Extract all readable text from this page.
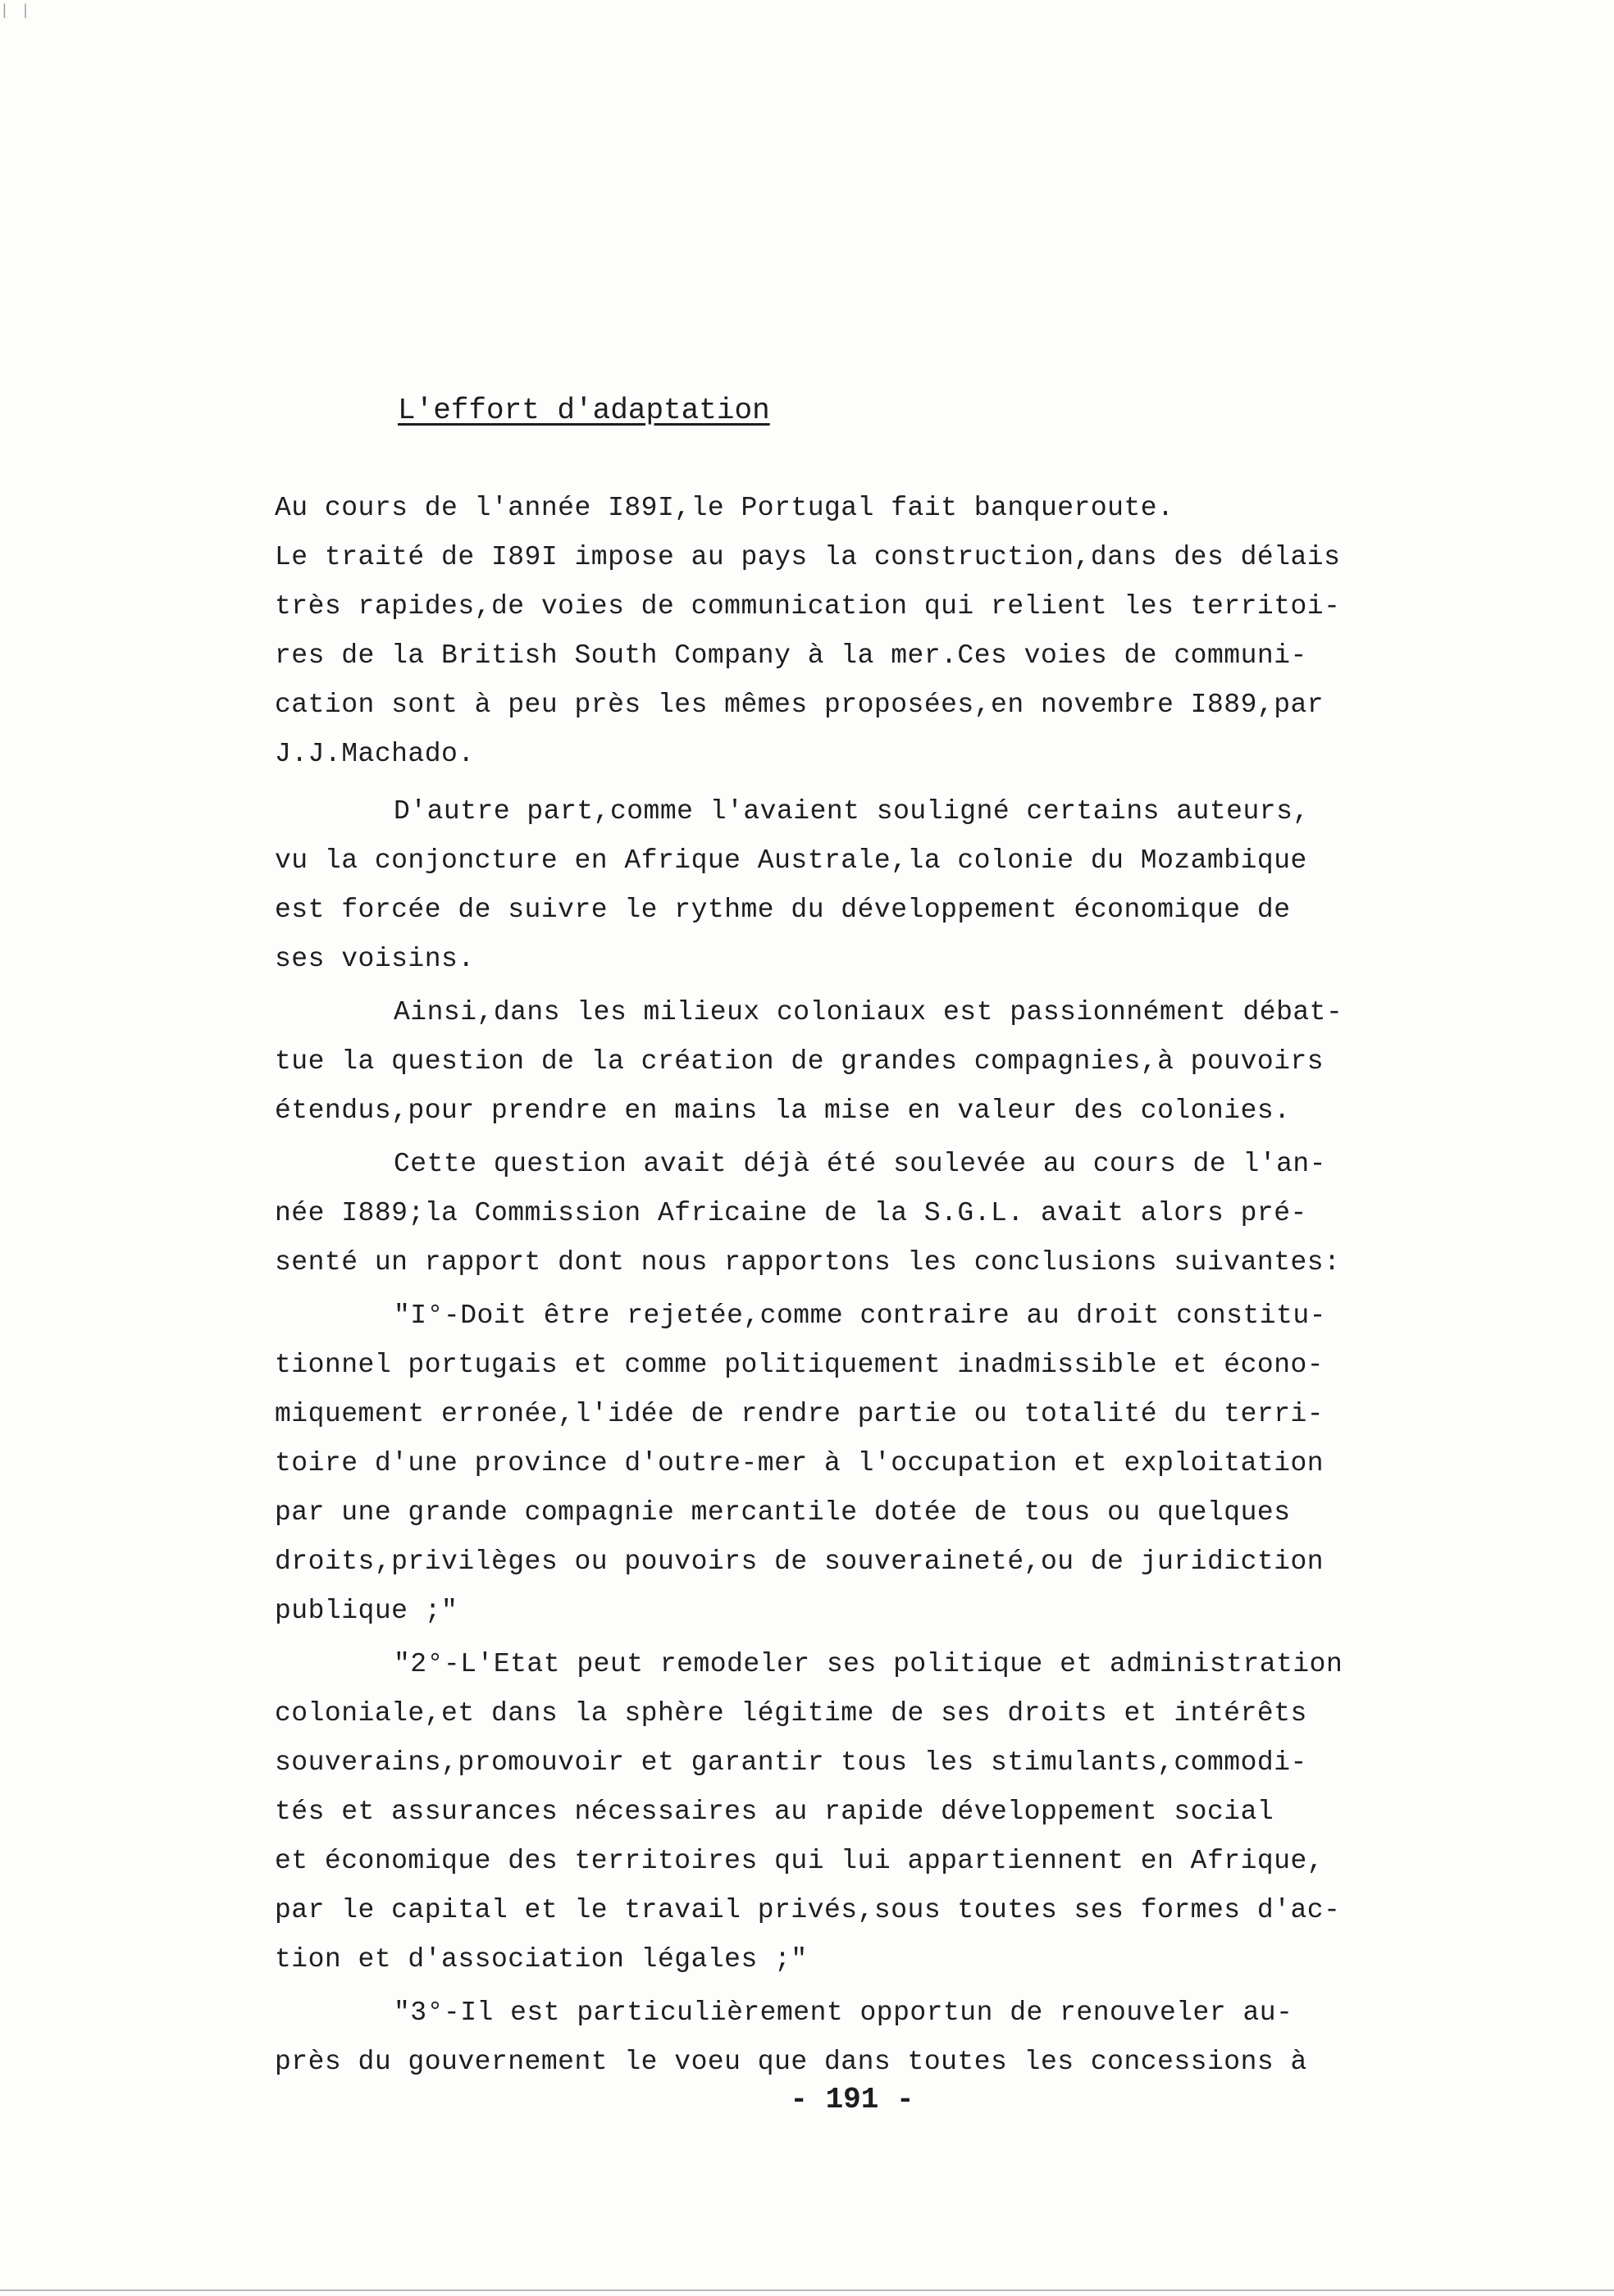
| |
L'effort d'adaptation
Au cours de l'année I89I,le Portugal fait banqueroute.
Le traité de I89I impose au pays la construction,dans des délais
très rapides,de voies de communication qui relient les territoi-
res de la British South Company à la mer.Ces voies de communi-
cation sont à peu près les mêmes proposées,en novembre I889,par
J.J.Machado.
D'autre part,comme l'avaient souligné certains auteurs,
vu la conjoncture en Afrique Australe,la colonie du Mozambique
est forcée de suivre le rythme du développement économique de
ses voisins.
Ainsi,dans les milieux coloniaux est passionnément débat-
tue la question de la création de grandes compagnies,à pouvoirs
étendus,pour prendre en mains la mise en valeur des colonies.
Cette question avait déjà été soulevée au cours de l'an-
née I889;la Commission Africaine de la S.G.L. avait alors pré-
senté un rapport dont nous rapportons les conclusions suivantes:
"I°-Doit être rejetée,comme contraire au droit constitu-
tionnel portugais et comme politiquement inadmissible et écono-
miquement erronée,l'idée de rendre partie ou totalité du terri-
toire d'une province d'outre-mer à l'occupation et exploitation
par une grande compagnie mercantile dotée de tous ou quelques
droits,privilèges ou pouvoirs de souveraineté,ou de juridiction
publique ;"
"2°-L'Etat peut remodeler ses politique et administration
coloniale,et dans la sphère légitime de ses droits et intérêts
souverains,promouvoir et garantir tous les stimulants,commodi-
tés et assurances nécessaires au rapide développement social
et économique des territoires qui lui appartiennent en Afrique,
par le capital et le travail privés,sous toutes ses formes d'ac-
tion et d'association légales ;"
"3°-Il est particulièrement opportun de renouveler au-
près du gouvernement le voeu que dans toutes les concessions à
- 191 -
